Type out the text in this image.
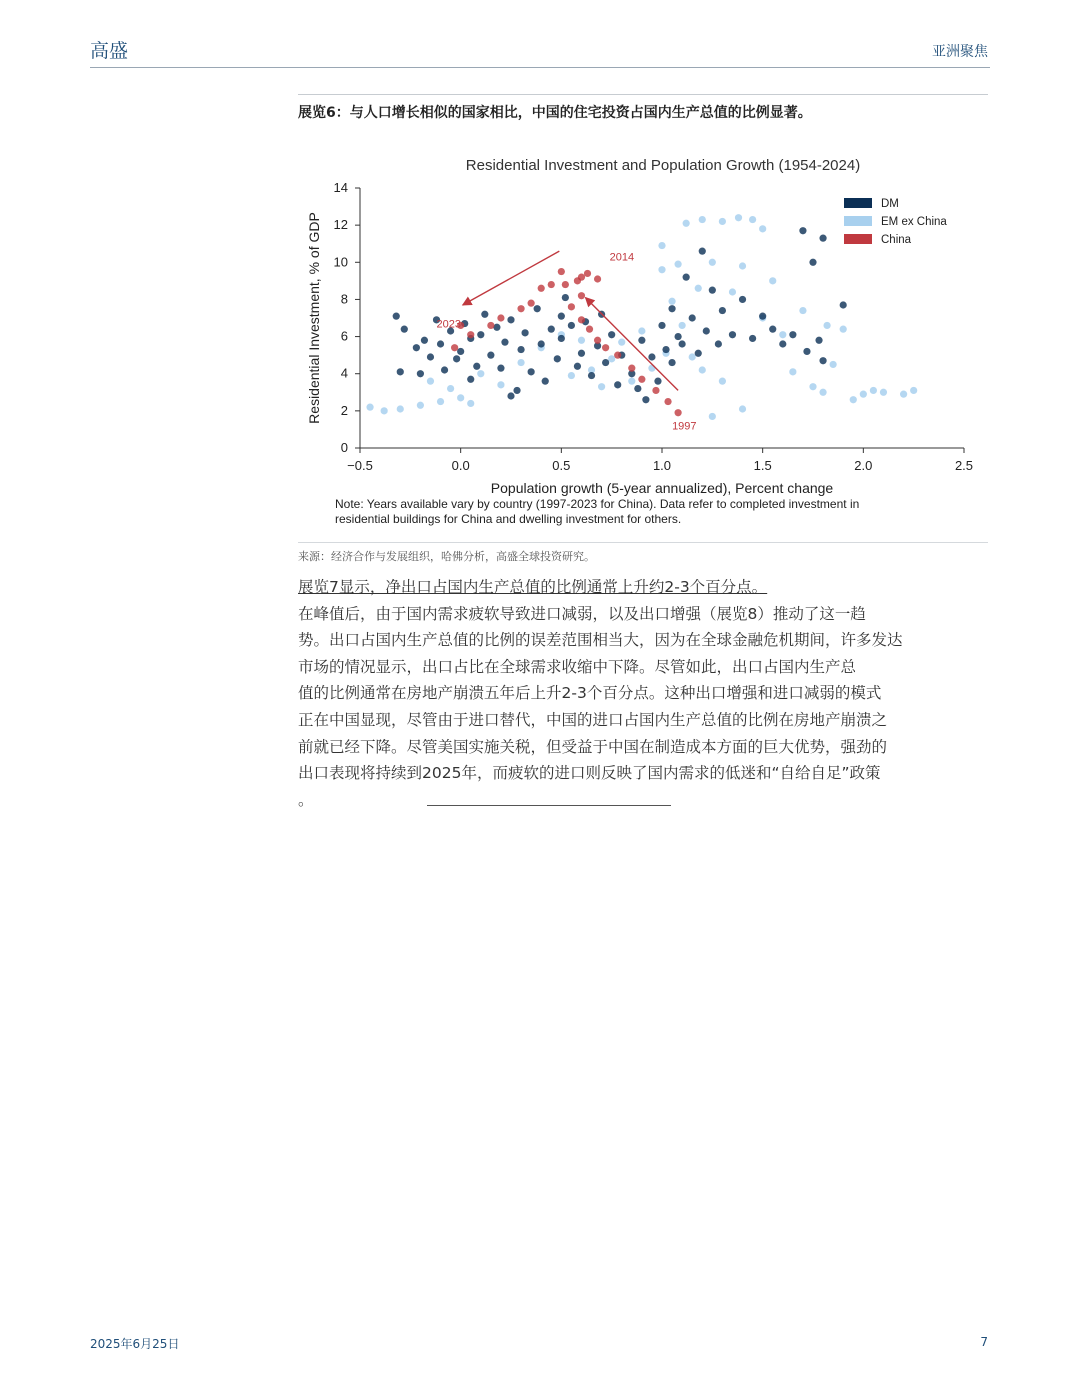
高盛	亚洲聚焦
展览6：与人口增长相似的国家相比，中国的住宅投资占国内生产总值的比例显著。
Residential Investment and Population Growth (1954-2024)
−0.5	0.0	0.5	1.0	1.5	2.0	2.5
0
2
4
6
8
10
12
14
2014
2023
1997
DM
EM ex China
China
Residential Investment, % of GDP
Population growth (5-year annualized), Percent change
Note: Years available vary by country (1997-2023 for China). Data refer to completed investment in
residential buildings for China and dwelling investment for others.
来源：经济合作与发展组织，哈佛分析，高盛全球投资研究。

展览7显示，净出口占国内生产总值的比例通常上升约2-3个百分点。

在峰值后，由于国内需求疲软导致进口减弱，以及出口增强（展览8）推动了这一趋

势。出口占国内生产总值的比例的误差范围相当大，因为在全球金融危机期间，许多发达

市场的情况显示，出口占比在全球需求收缩中下降。尽管如此，出口占国内生产总

值的比例通常在房地产崩溃五年后上升2-3个百分点。这种出口增强和进口减弱的模式

正在中国显现，尽管由于进口替代，中国的进口占国内生产总值的比例在房地产崩溃之

前就已经下降。尽管美国实施关税，但受益于中国在制造成本方面的巨大优势，强劲的

出口表现将持续到2025年，而疲软的进口则反映了国内需求的低迷和“自给自足”政策

。

2025年6月25日	7
